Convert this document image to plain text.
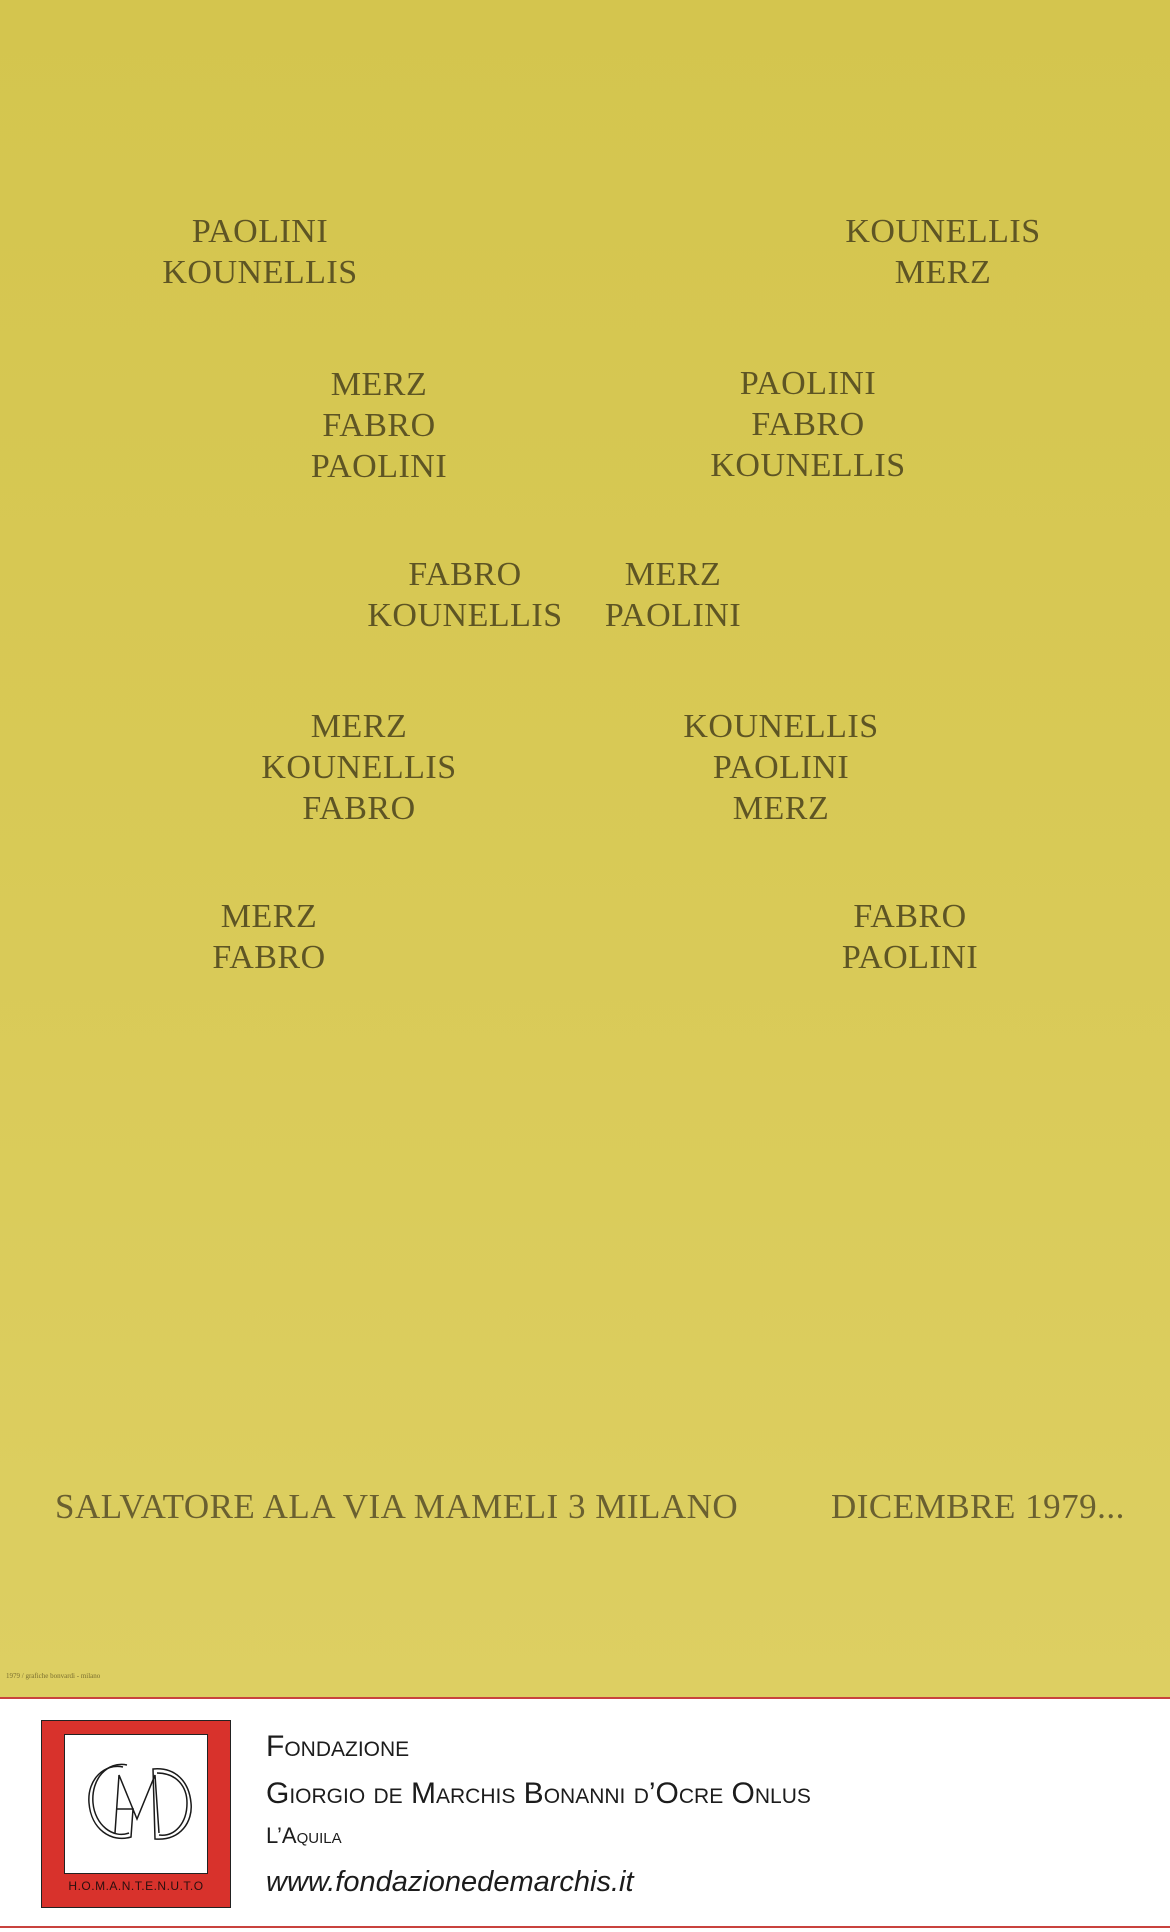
PAOLINI
KOUNELLIS
KOUNELLIS
MERZ
MERZ
FABRO
PAOLINI
PAOLINI
FABRO
KOUNELLIS
FABRO
KOUNELLIS
MERZ
PAOLINI
MERZ
KOUNELLIS
FABRO
KOUNELLIS
PAOLINI
MERZ
MERZ
FABRO
FABRO
PAOLINI
SALVATORE ALA VIA MAMELI 3 MILANO	DICEMBRE 1979...
1979 / grafiche bonvardi - milano
H.O.M.A.N.T.E.N.U.T.O
Fondazione
Giorgio de Marchis Bonanni d’Ocre Onlus
L’Aquila
www.fondazionedemarchis.it
